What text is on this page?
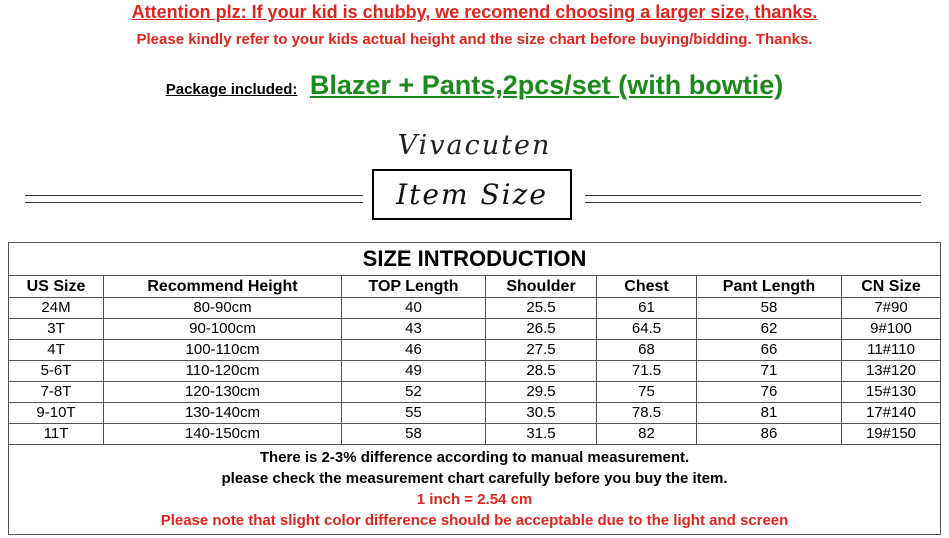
Attention plz: If your kid is chubby, we recomend choosing a larger size, thanks.
Please kindly refer to your kids actual height and the size chart before buying/bidding. Thanks.
Package included: Blazer + Pants,2pcs/set (with bowtie)
Vivacuten
Item Size
SIZE INTRODUCTION						
US Size	Recommend Height	TOP Length	Shoulder	Chest	Pant Length	CN Size
24M	80-90cm	40	25.5	61	58	7#90
3T	90-100cm	43	26.5	64.5	62	9#100
4T	100-110cm	46	27.5	68	66	11#110
5-6T	110-120cm	49	28.5	71.5	71	13#120
7-8T	120-130cm	52	29.5	75	76	15#130
9-10T	130-140cm	55	30.5	78.5	81	17#140
11T	140-150cm	58	31.5	82	86	19#150

There is 2-3% difference according to manual measurement.
please check the measurement chart carefully before you buy the item.
1 inch = 2.54 cm
Please note that slight color difference should be acceptable due to the light and screen						
